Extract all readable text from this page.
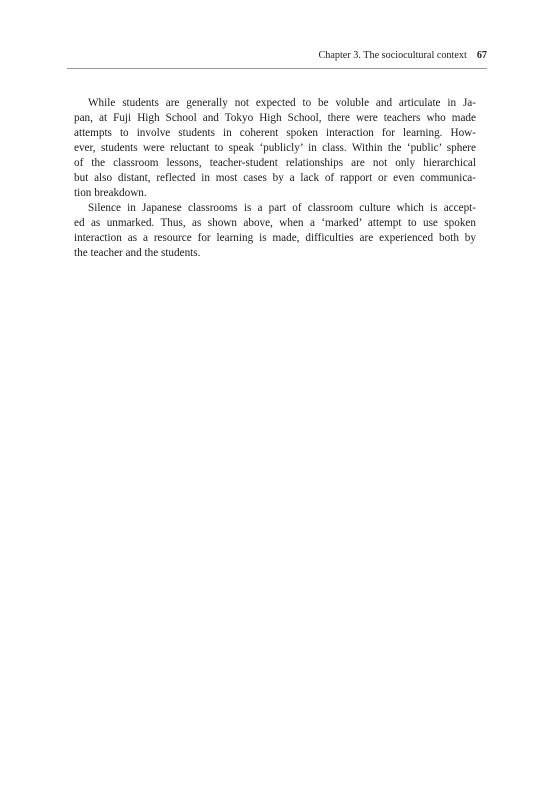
Chapter 3. The sociocultural context 67
While students are generally not expected to be voluble and articulate in Ja-
pan, at Fuji High School and Tokyo High School, there were teachers who made
attempts to involve students in coherent spoken interaction for learning. How-
ever, students were reluctant to speak ‘publicly’ in class. Within the ‘public’ sphere
of the classroom lessons, teacher-student relationships are not only hierarchical
but also distant, reflected in most cases by a lack of rapport or even communica-
tion breakdown.
Silence in Japanese classrooms is a part of classroom culture which is accept-
ed as unmarked. Thus, as shown above, when a ‘marked’ attempt to use spoken
interaction as a resource for learning is made, difficulties are experienced both by
the teacher and the students.
